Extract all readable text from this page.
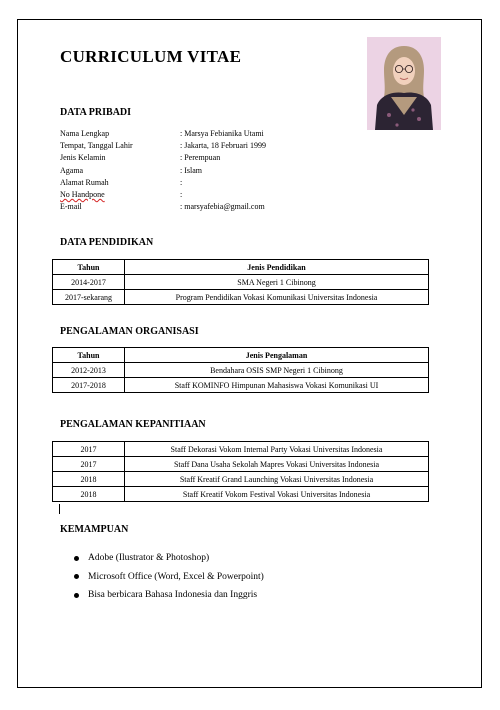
CURRICULUM VITAE
DATA PRIBADI
Nama Lengkap	: Marsya Febianika Utami
Tempat, Tanggal Lahir	: Jakarta, 18 Februari 1999
Jenis Kelamin	: Perempuan
Agama	: Islam
Alamat Rumah	:
No Handpone	:
E-mail	: marsyafebia@gmail.com
DATA PENDIDIKAN
Tahun	Jenis Pendidikan
2014-2017	SMA Negeri 1 Cibinong
2017-sekarang	Program Pendidikan Vokasi Komunikasi Universitas Indonesia
PENGALAMAN ORGANISASI
Tahun	Jenis Pengalaman
2012-2013	Bendahara OSIS SMP Negeri 1 Cibinong
2017-2018	Staff KOMINFO Himpunan Mahasiswa Vokasi Komunikasi UI
PENGALAMAN KEPANITIAAN
2017	Staff Dekorasi Vokom Internal Party Vokasi Universitas Indonesia
2017	Staff Dana Usaha Sekolah Mapres Vokasi Universitas Indonesia
2018	Staff Kreatif Grand Launching Vokasi Universitas Indonesia
2018	Staff Kreatif Vokom Festival Vokasi Universitas Indonesia
KEMAMPUAN
Adobe (Ilustrator & Photoshop)
Microsoft Office (Word, Excel & Powerpoint)
Bisa berbicara Bahasa Indonesia dan Inggris
